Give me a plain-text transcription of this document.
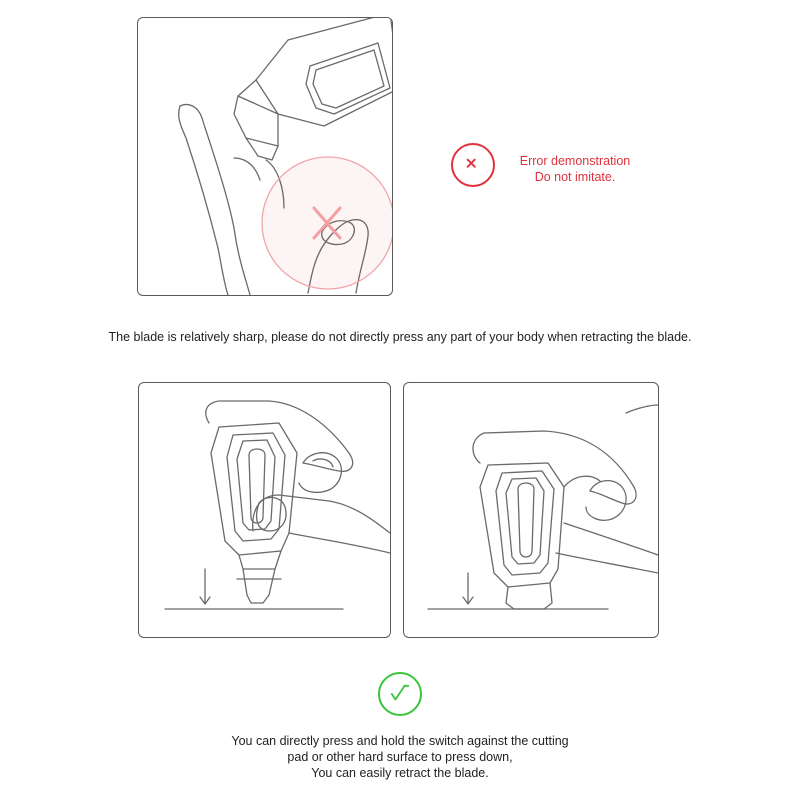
Error demonstration
Do not imitate.
The blade is relatively sharp, please do not directly press any part of your body when retracting the blade.
You can directly press and hold the switch against the cutting
pad or other hard surface to press down,
You can easily retract the blade.
